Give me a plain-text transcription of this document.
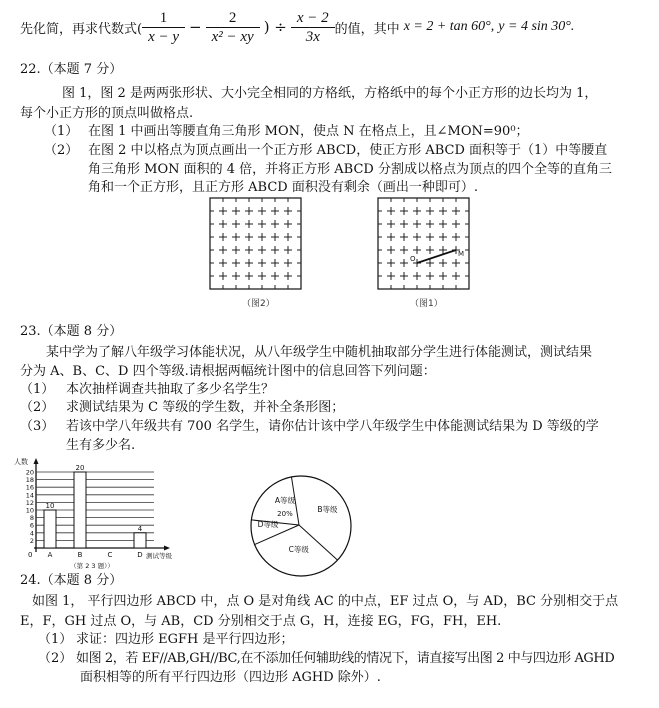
先化简，再求代数式( $\frac{1}{x - y} - \frac{2}{\text{x² − xy}}$ ) ÷ $\frac{x - 2}{3x}$ 的值，其中 x = 2 + tan 60°, y = 4 sin 30°.
22.（本题 7 分）
图 1，图 2 是两两张形状、大小完全相同的方格纸，方格纸中的每个小正方形的边长均为 1，
每个小正方形的顶点叫做格点.
（1） 在图 1 中画出等腰直角三角形 MON，使点 N 在格点上，且∠MON=90⁰；
（2） 在图 2 中以格点为顶点画出一个正方形 ABCD，使正方形 ABCD 面积等于（1）中等腰直
角三角形 MON 面积的 4 倍，并将正方形 ABCD 分割成以格点为顶点的四个全等的直角三
角和一个正方形，且正方形 ABCD 面积没有剩余（画出一种即可）.
（图2）
O
M
（图1）
23.（本题 8 分）
某中学为了解八年级学习体能状况，从八年级学生中随机抽取部分学生进行体能测试，测试结果
分为 A、B、C、D 四个等级.请根据两幅统计图中的信息回答下列问题：
（1） 本次抽样调查共抽取了多少名学生？
（2） 求测试结果为 C 等级的学生数，并补全条形图；
（3） 若该中学八年级共有 700 名学生，请你估计该中学八年级学生中体能测试结果为 D 等级的学
生有多少名.
人数
测试等级
0
2
4
6
8
10
12
14
16
18
20
10
A
20
B	C
4
D
（第 2 3 题））
A等级
20%
B等级
C等级
D等级
24.（本题 8 分）
如图 1， 平行四边形 ABCD 中，点 O 是对角线 AC 的中点，EF 过点 O，与 AD，BC 分别相交于点
E，F，GH 过点 O，与 AB，CD 分别相交于点 G，H，连接 EG，FG，FH，EH.
（1） 求证：四边形 EGFH 是平行四边形；
（2） 如图 2，若 EF//AB,GH//BC,在不添加任何辅助线的情况下，请直接写出图 2 中与四边形 AGHD
面积相等的所有平行四边形（四边形 AGHD 除外）.
